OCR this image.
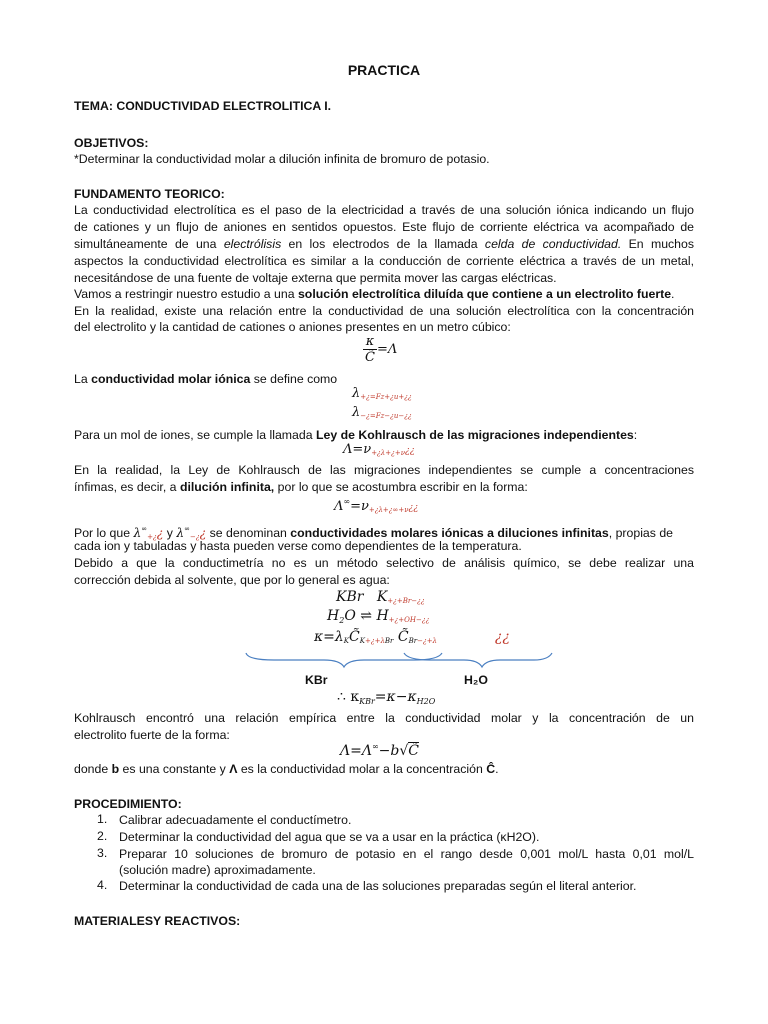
PRACTICA
TEMA: CONDUCTIVIDAD ELECTROLITICA I.
OBJETIVOS:
*Determinar la conductividad molar a dilución infinita de bromuro de potasio.
FUNDAMENTO TEORICO:
La conductividad electrolítica es el paso de la electricidad a través de una solución iónica indicando un flujo
de cationes y un flujo de aniones en sentidos opuestos. Este flujo de corriente eléctrica va acompañado de
simultáneamente de una electrólisis en los electrodos de la llamada celda de conductividad. En muchos
aspectos la conductividad electrolítica es similar a la conducción de corriente eléctrica a través de un metal,
necesitándose de una fuente de voltaje externa que permita mover las cargas eléctricas.
Vamos a restringir nuestro estudio a una solución electrolítica diluída que contiene a un electrolito fuerte.
En la realidad, existe una relación entre la conductividad de una solución electrolítica con la concentración
del electrolito y la cantidad de cationes o aniones presentes en un metro cúbico:
$\frac{\kappa}{C̃} =\Lambda$
La conductividad molar iónica se define como
λ+¿=Fz+¿u+¿¿
λ−¿=Fz−¿u−¿¿
Para un mol de iones, se cumple la llamada Ley de Kohlrausch de las migraciones independientes:
Λ=ν+¿λ+¿+ν¿¿
En la realidad, la Ley de Kohlrausch de las migraciones independientes se cumple a concentraciones
ínfimas, es decir, a dilución infinita, por lo que se acostumbra escribir en la forma:
Λ∞=ν+¿λ+¿∞+ν¿¿
Por lo que λ∞+¿¿ y λ∞−¿¿ se denominan conductividades molares iónicas a diluciones infinitas, propias de
cada ion y tabuladas y hasta pueden verse como dependientes de la temperatura.
Debido a que la conductimetría no es un método selectivo de análisis químico, se debe realizar una
corrección debida al solvente, que por lo general es agua:
KBr K+¿+Br−¿¿
$H_2O$ ⇌ H+¿+OH−¿¿
κ=λKC̃K+¿+λBr C̃Br−¿+λ	¿¿
KBr	H₂O
∴ $\kappa_{KBr}=\kappa-\kappa_{H2O}$
Kohlrausch encontró una relación empírica entre la conductividad molar y la concentración de un
electrolito fuerte de la forma:
Λ=Λ∞−b√C̃
donde b es una constante y Λ es la conductividad molar a la concentración Ĉ.
PROCEDIMIENTO:
1. Calibrar adecuadamente el conductímetro.
2. Determinar la conductividad del agua que se va a usar en la práctica (κH2O).
3. Preparar 10 soluciones de bromuro de potasio en el rango desde 0,001 mol/L hasta 0,01 mol/L
(solución madre) aproximadamente.
4. Determinar la conductividad de cada una de las soluciones preparadas según el literal anterior.
MATERIALESY REACTIVOS:
